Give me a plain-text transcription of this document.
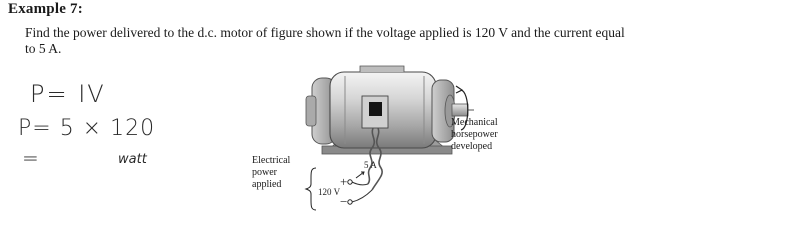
Example 7:
Find the power delivered to the d.c. motor of figure shown if the voltage applied is 120 V and the current equal
to 5 A.
P= IV
P= 5 × 120
=	watt
+
−
5 A
120 V
Mechanical
horsepower
developed
Electrical
power
applied
